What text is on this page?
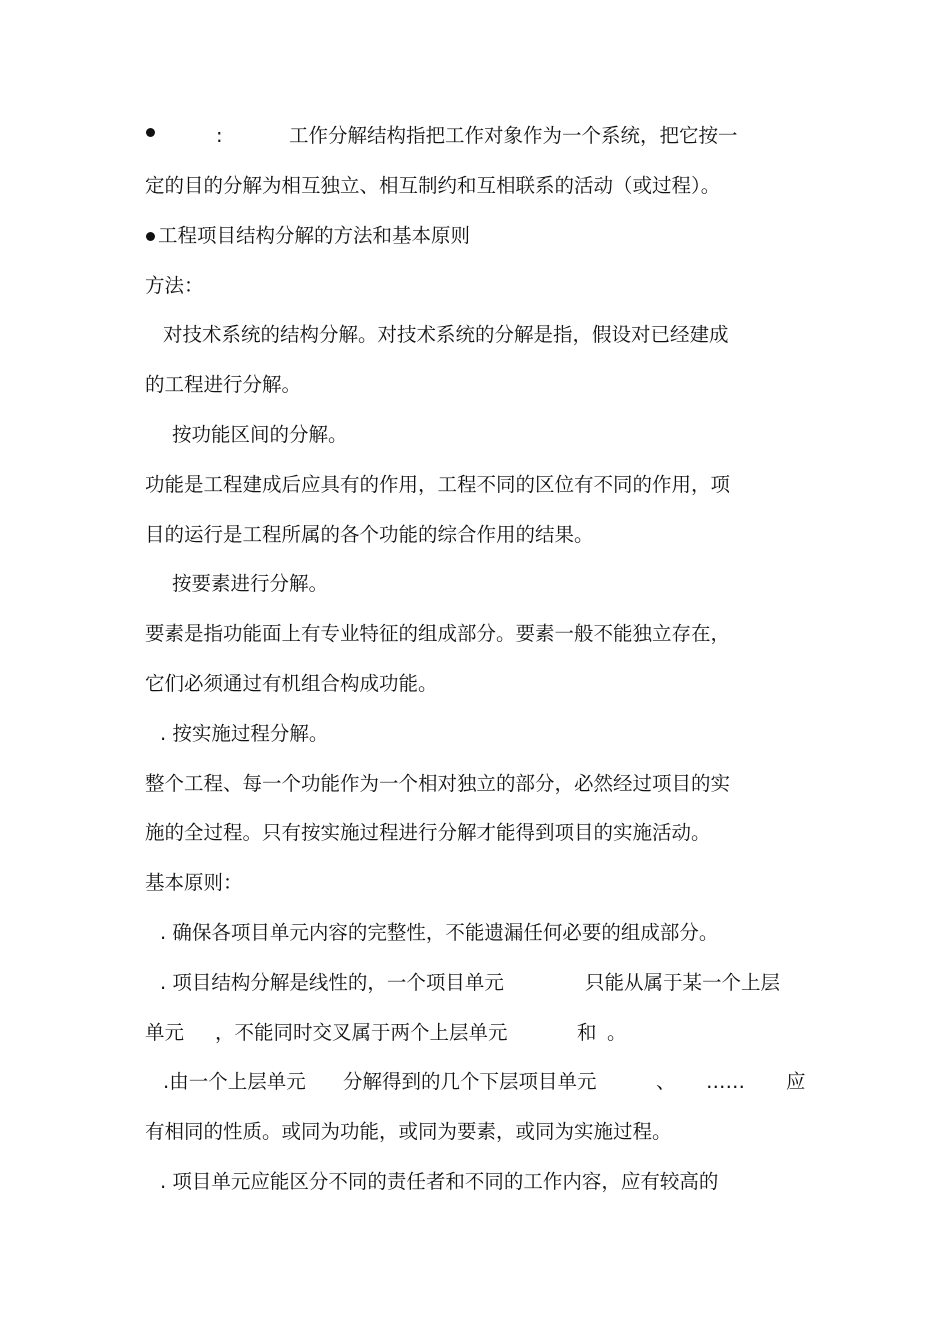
:	工作分解结构指把工作对象作为一个系统，把它按一
定的目的分解为相互独立、相互制约和互相联系的活动（或过程）。
工程项目结构分解的方法和基本原则
方法：
对技术系统的结构分解。对技术系统的分解是指，假设对已经建成
的工程进行分解。
按功能区间的分解。
功能是工程建成后应具有的作用，工程不同的区位有不同的作用，项
目的运行是工程所属的各个功能的综合作用的结果。
按要素进行分解。
要素是指功能面上有专业特征的组成部分。要素一般不能独立存在，
它们必须通过有机组合构成功能。
. 按实施过程分解。
整个工程、每一个功能作为一个相对独立的部分，必然经过项目的实
施的全过程。只有按实施过程进行分解才能得到项目的实施活动。
基本原则：
. 确保各项目单元内容的完整性，不能遗漏任何必要的组成部分。
. 项目结构分解是线性的，一个项目单元	只能从属于某一个上层
单元 ，不能同时交叉属于两个上层单元	和 。
.由一个上层单元 分解得到的几个下层项目单元	、 …… 应
有相同的性质。或同为功能，或同为要素，或同为实施过程。
. 项目单元应能区分不同的责任者和不同的工作内容，应有较高的
